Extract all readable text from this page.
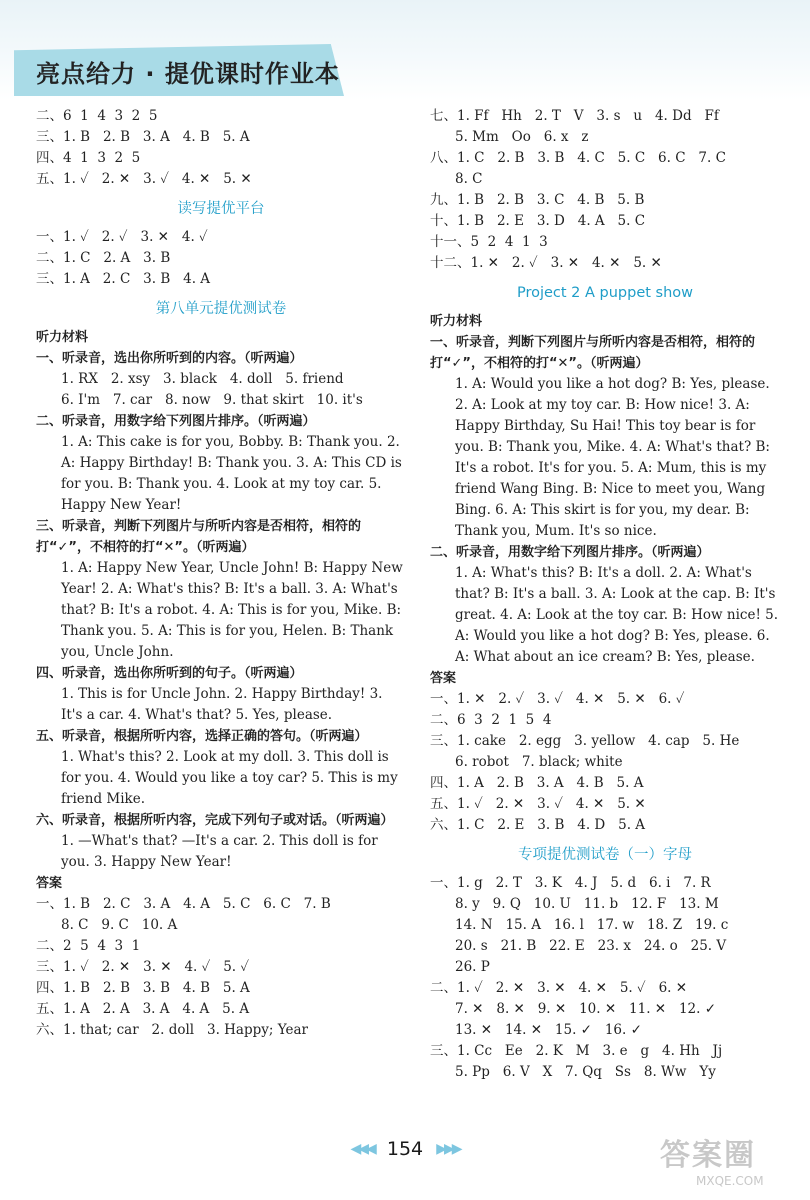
亮点给力 · 提优课时作业本
二、6  1  4  3  2  5
三、1. B   2. B   3. A   4. B   5. A
四、4  1  3  2  5
五、1. ✓   2. ✕   3. ✓   4. ✕   5. ✕
读写提优平台
一、1. ✓   2. ✓   3. ✕   4. ✓
二、1. C   2. A   3. B
三、1. A   2. C   3. B   4. A
第八单元提优测试卷
听力材料
一、听录音，选出你所听到的内容。（听两遍）
1. RX   2. xsy   3. black   4. doll   5. friend
6. I'm   7. car   8. now   9. that skirt   10. it's
二、听录音，用数字给下列图片排序。（听两遍）
1. A: This cake is for you, Bobby. B: Thank you. 2. A: Happy Birthday! B: Thank you. 3. A: This CD is for you. B: Thank you. 4. Look at my toy car. 5. Happy New Year!
三、听录音，判断下列图片与所听内容是否相符，相符的打“✓”，不相符的打“✕”。（听两遍）
1. A: Happy New Year, Uncle John! B: Happy New Year! 2. A: What's this? B: It's a ball. 3. A: What's that? B: It's a robot. 4. A: This is for you, Mike. B: Thank you. 5. A: This is for you, Helen. B: Thank you, Uncle John.
四、听录音，选出你所听到的句子。（听两遍）
1. This is for Uncle John. 2. Happy Birthday! 3. It's a car. 4. What's that? 5. Yes, please.
五、听录音，根据所听内容，选择正确的答句。（听两遍）
1. What's this? 2. Look at my doll. 3. This doll is for you. 4. Would you like a toy car? 5. This is my friend Mike.
六、听录音，根据所听内容，完成下列句子或对话。（听两遍）
1. —What's that? —It's a car. 2. This doll is for you. 3. Happy New Year!
答案
一、1. B   2. C   3. A   4. A   5. C   6. C   7. B
8. C   9. C   10. A
二、2  5  4  3  1
三、1. ✓   2. ✕   3. ✕   4. ✓   5. ✓
四、1. B   2. B   3. B   4. B   5. A
五、1. A   2. A   3. A   4. A   5. A
六、1. that; car   2. doll   3. Happy; Year
七、1. Ff   Hh   2. T   V   3. s   u   4. Dd   Ff
5. Mm   Oo   6. x   z
八、1. C   2. B   3. B   4. C   5. C   6. C   7. C
8. C
九、1. B   2. B   3. C   4. B   5. B
十、1. B   2. E   3. D   4. A   5. C
十一、5  2  4  1  3
十二、1. ✕   2. ✓   3. ✕   4. ✕   5. ✕
Project 2 A puppet show
听力材料
一、听录音，判断下列图片与所听内容是否相符，相符的打“✓”，不相符的打“✕”。（听两遍）
1. A: Would you like a hot dog? B: Yes, please. 2. A: Look at my toy car. B: How nice! 3. A: Happy Birthday, Su Hai! This toy bear is for you. B: Thank you, Mike. 4. A: What's that? B: It's a robot. It's for you. 5. A: Mum, this is my friend Wang Bing. B: Nice to meet you, Wang Bing. 6. A: This skirt is for you, my dear. B: Thank you, Mum. It's so nice.
二、听录音，用数字给下列图片排序。（听两遍）
1. A: What's this? B: It's a doll. 2. A: What's that? B: It's a ball. 3. A: Look at the cap. B: It's great. 4. A: Look at the toy car. B: How nice! 5. A: Would you like a hot dog? B: Yes, please. 6. A: What about an ice cream? B: Yes, please.
答案
一、1. ✕   2. ✓   3. ✓   4. ✕   5. ✕   6. ✓
二、6  3  2  1  5  4
三、1. cake   2. egg   3. yellow   4. cap   5. He
6. robot   7. black; white
四、1. A   2. B   3. A   4. B   5. A
五、1. ✓   2. ✕   3. ✓   4. ✕   5. ✕
六、1. C   2. E   3. B   4. D   5. A
专项提优测试卷（一）字母
一、1. g   2. T   3. K   4. J   5. d   6. i   7. R
8. y   9. Q   10. U   11. b   12. F   13. M
14. N   15. A   16. l   17. w   18. Z   19. c
20. s   21. B   22. E   23. x   24. o   25. V
26. P
二、1. ✓   2. ✕   3. ✕   4. ✕   5. ✓   6. ✕
7. ✕   8. ✕   9. ✕   10. ✕   11. ✕   12. ✓
13. ✕   14. ✕   15. ✓   16. ✓
三、1. Cc   Ee   2. K   M   3. e   g   4. Hh   Jj
5. Pp   6. V   X   7. Qq   Ss   8. Ww   Yy
◀◀◀ 154 ▶▶▶	答案圈
MXQE.COM
